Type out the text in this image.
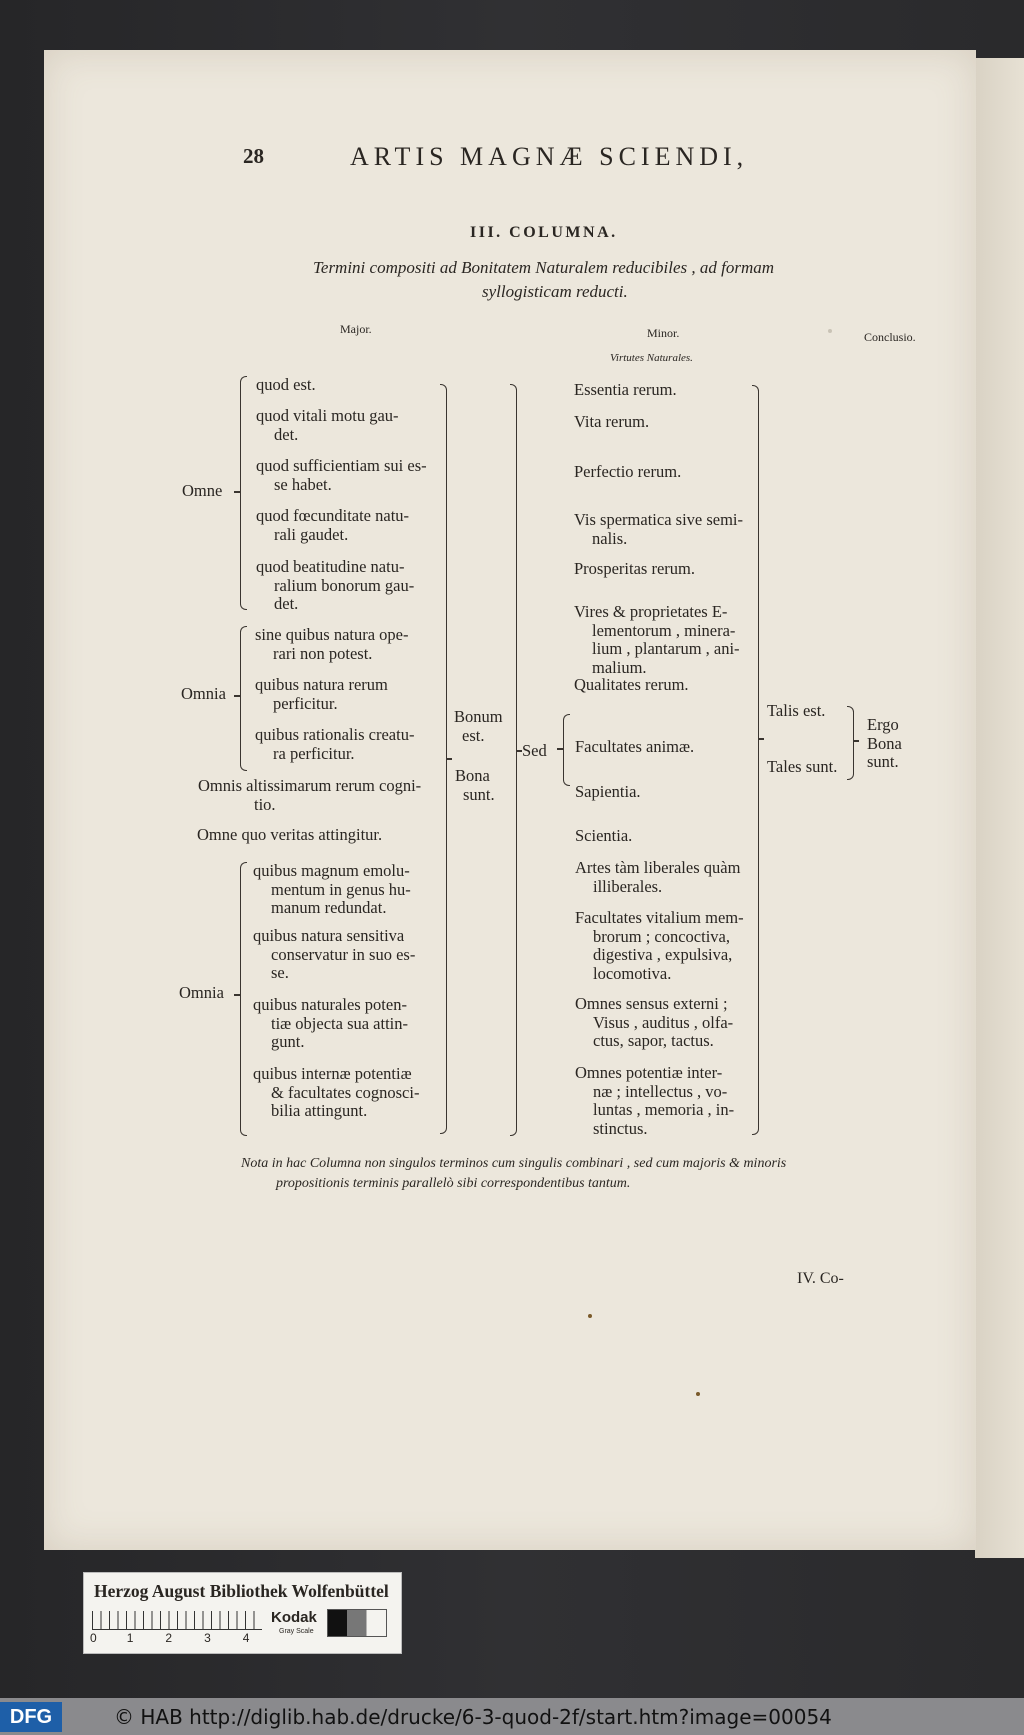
28	ARTIS MAGNÆ SCIENDI,
III. COLUMNA.
Termini compositi ad Bonitatem Naturalem reducibiles , ad formam
syllogisticam reducti.
Major.	Minor.	Conclusio.
Virtutes Naturales.
Omne
quod est.
quod vitali motu gau-
det.
quod sufficientiam sui es-
se habet.
quod fœcunditate natu-
rali gaudet.
quod beatitudine natu-
ralium bonorum gau-
det.
Omnia
sine quibus natura ope-
rari non potest.
quibus natura rerum
perficitur.
quibus rationalis creatu-
ra perficitur.
Omnis altissimarum rerum cogni-
tio.
Omne quo veritas attingitur.
Omnia
quibus magnum emolu-
mentum in genus hu-
manum redundat.
quibus natura sensitiva
conservatur in suo es-
se.
quibus naturales poten-
tiæ objecta sua attin-
gunt.
quibus internæ potentiæ
& facultates cognosci-
bilia attingunt.
Bonum
est.
Bona
sunt.
Sed
Essentia rerum.
Vita rerum.
Perfectio rerum.
Vis spermatica sive semi-
nalis.
Prosperitas rerum.
Vires & proprietates E-
lementorum , minera-
lium , plantarum , ani-
malium.
Qualitates rerum.
Facultates animæ.
Sapientia.
Scientia.
Artes tàm liberales quàm
illiberales.
Facultates vitalium mem-
brorum ; concoctiva,
digestiva , expulsiva,
locomotiva.
Omnes sensus externi ;
Visus , auditus , olfa-
ctus, sapor, tactus.
Omnes potentiæ inter-
næ ; intellectus , vo-
luntas , memoria , in-
stinctus.
Talis est.
Tales sunt.
Ergo
Bona
sunt.
Nota in hac Columna non singulos terminos cum singulis combinari , sed cum majoris & minoris
propositionis terminis parallelò sibi correspondentibus tantum.
IV. Co-
Herzog August Bibliothek Wolfenbüttel
Kodak
Gray Scale
0	1	2	3	4
DFG	© HAB http://diglib.hab.de/drucke/6-3-quod-2f/start.htm?image=00054
